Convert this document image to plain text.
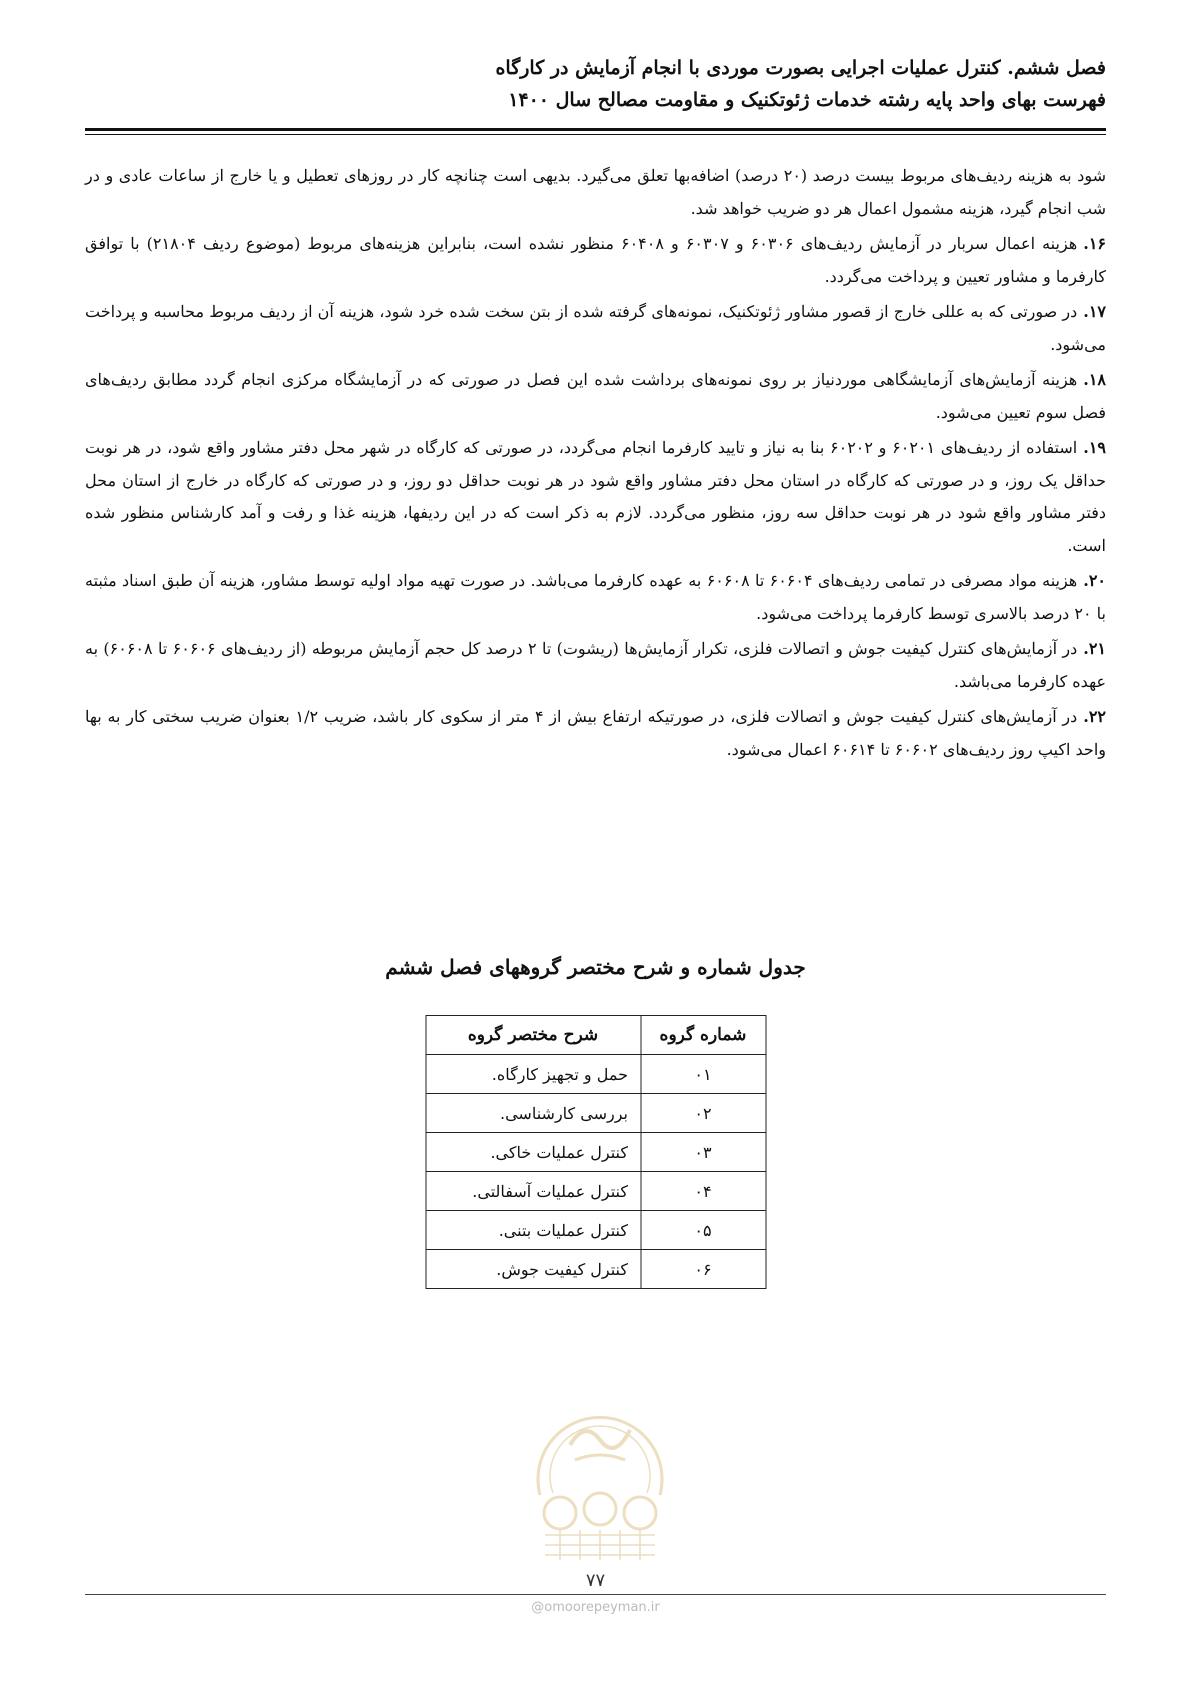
فصل ششم. کنترل عملیات اجرایی بصورت موردی با انجام آزمایش در کارگاه
فهرست بهای واحد پایه رشته خدمات ژئوتکنیک و مقاومت مصالح سال ۱۴۰۰

شود به هزینه ردیف‌های مربوط بیست درصد (۲۰ درصد) اضافه‌بها تعلق می‌گیرد. بدیهی است چنانچه کار در روزهای تعطیل و یا خارج از ساعات عادی و در شب انجام گیرد، هزینه مشمول اعمال هر دو ضریب خواهد شد.

۱۶.هزینه اعمال سربار در آزمایش ردیف‌های ۶۰۳۰۶ و ۶۰۳۰۷ و ۶۰۴۰۸ منظور نشده است، بنابراین هزینه‌های مربوط (موضوع ردیف ۲۱۸۰۴) با توافق کارفرما و مشاور تعیین و پرداخت می‌گردد.

۱۷.در صورتی که به عللی خارج از قصور مشاور ژئوتکنیک، نمونه‌های گرفته شده از بتن سخت شده خرد شود، هزینه آن از ردیف مربوط محاسبه و پرداخت می‌شود.

۱۸.هزینه آزمایش‌های آزمایشگاهی موردنیاز بر روی نمونه‌های برداشت شده این فصل در صورتی که در آزمایشگاه مرکزی انجام گردد مطابق ردیف‌های فصل سوم تعیین می‌شود.

۱۹.استفاده از ردیف‌های ۶۰۲۰۱ و ۶۰۲۰۲ بنا به نیاز و تایید کارفرما انجام می‌گردد، در صورتی که کارگاه در شهر محل دفتر مشاور واقع شود، در هر نوبت حداقل یک روز، و در صورتی که کارگاه در استان محل دفتر مشاور واقع شود در هر نوبت حداقل دو روز، و در صورتی که کارگاه در خارج از استان محل دفتر مشاور واقع شود در هر نوبت حداقل سه روز، منظور می‌گردد. لازم به ذکر است که در این ردیفها، هزینه غذا و رفت و آمد کارشناس منظور شده است.

۲۰.هزینه مواد مصرفی در تمامی ردیف‌های ۶۰۶۰۴ تا ۶۰۶۰۸ به عهده کارفرما می‌باشد. در صورت تهیه مواد اولیه توسط مشاور، هزینه آن طبق اسناد مثبته با ۲۰ درصد بالاسری توسط کارفرما پرداخت می‌شود.

۲۱.در آزمایش‌های کنترل کیفیت جوش و اتصالات فلزی، تکرار آزمایش‌ها (ریشوت) تا ۲ درصد کل حجم آزمایش مربوطه (از ردیف‌های ۶۰۶۰۶ تا ۶۰۶۰۸) به عهده کارفرما می‌باشد.

۲۲.در آزمایش‌های کنترل کیفیت جوش و اتصالات فلزی، در صورتیکه ارتفاع بیش از ۴ متر از سکوی کار باشد، ضریب ۱/۲ بعنوان ضریب سختی کار به بها واحد اکیپ روز ردیف‌های ۶۰۶۰۲ تا ۶۰۶۱۴ اعمال می‌شود.

جدول شماره و شرح مختصر گروههای فصل ششم
شماره گروه	شرح مختصر گروه
۰۱	حمل و تجهیز کارگاه.
۰۲	بررسی کارشناسی.
۰۳	کنترل عملیات خاکی.
۰۴	کنترل عملیات آسفالتی.
۰۵	کنترل عملیات بتنی.
۰۶	کنترل کیفیت جوش.
۷۷
@omoorepeyman.ir
